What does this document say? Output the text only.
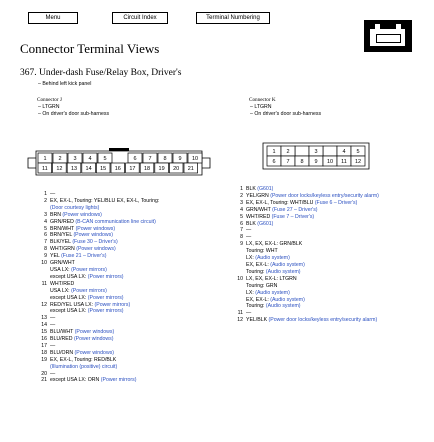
Menu	Circuit Index	Terminal Numbering
Connector Terminal Views
367. Under-dash Fuse/Relay Box, Driver's
– Behind left kick panel
Connector J
– LTGRN
– On driver's door sub-harness
1 2 3 4 5	6 7 8 9 10
11 12 13 14 15 16 17 18 19 20 21
Connector K
– LTGRN
– On driver's door sub-harness
1 2	3	4 5
6 7 8 9 10 11 12
1 —
2 EX, EX-L, Touring: YEL/BLU EX, EX-L, Touring:
(Door courtesy lights)
3 BRN (Power windows)
4 GRN/RED (B-CAN communication line circuit)
5 BRN/WHT (Power windows)
6 BRN/YEL (Power windows)
7 BLK/YEL (Fuse 30 – Driver's)
8 WHT/GRN (Power windows)
9 YEL (Fuse 21 – Driver's)
10 GRN/WHT
USA LX: (Power mirrors)
except USA LX: (Power mirrors)
11 WHT/RED
USA LX: (Power mirrors)
except USA LX: (Power mirrors)
12 RED/YEL USA LX: (Power mirrors)
except USA LX: (Power mirrors)
13 —
14 —
15 BLU/WHT (Power windows)
16 BLU/RED (Power windows)
17 —
18 BLU/ORN (Power windows)
19 EX, EX-L, Touring: RED/BLK
(Illumination (positive) circuit)
20 —
21 except USA LX: ORN (Power mirrors)
1 BLK (G601)
2 YEL/GRN (Power door locks/keyless entry/security alarm)
3 EX, EX-L, Touring: WHT/BLU (Fuse 6 – Driver's)
4 GRN/WHT (Fuse 27 – Driver's)
5 WHT/RED (Fuse 7 – Driver's)
6 BLK (G601)
7 —
8 —
9 LX, EX, EX-L: GRN/BLK
Touring: WHT
LX: (Audio system)
EX, EX-L: (Audio system)
Touring: (Audio system)
10 LX, EX, EX-L: LTGRN
Touring: GRN
LX: (Audio system)
EX, EX-L: (Audio system)
Touring: (Audio system)
11 —
12 YEL/BLK (Power door locks/keyless entry/security alarm)
